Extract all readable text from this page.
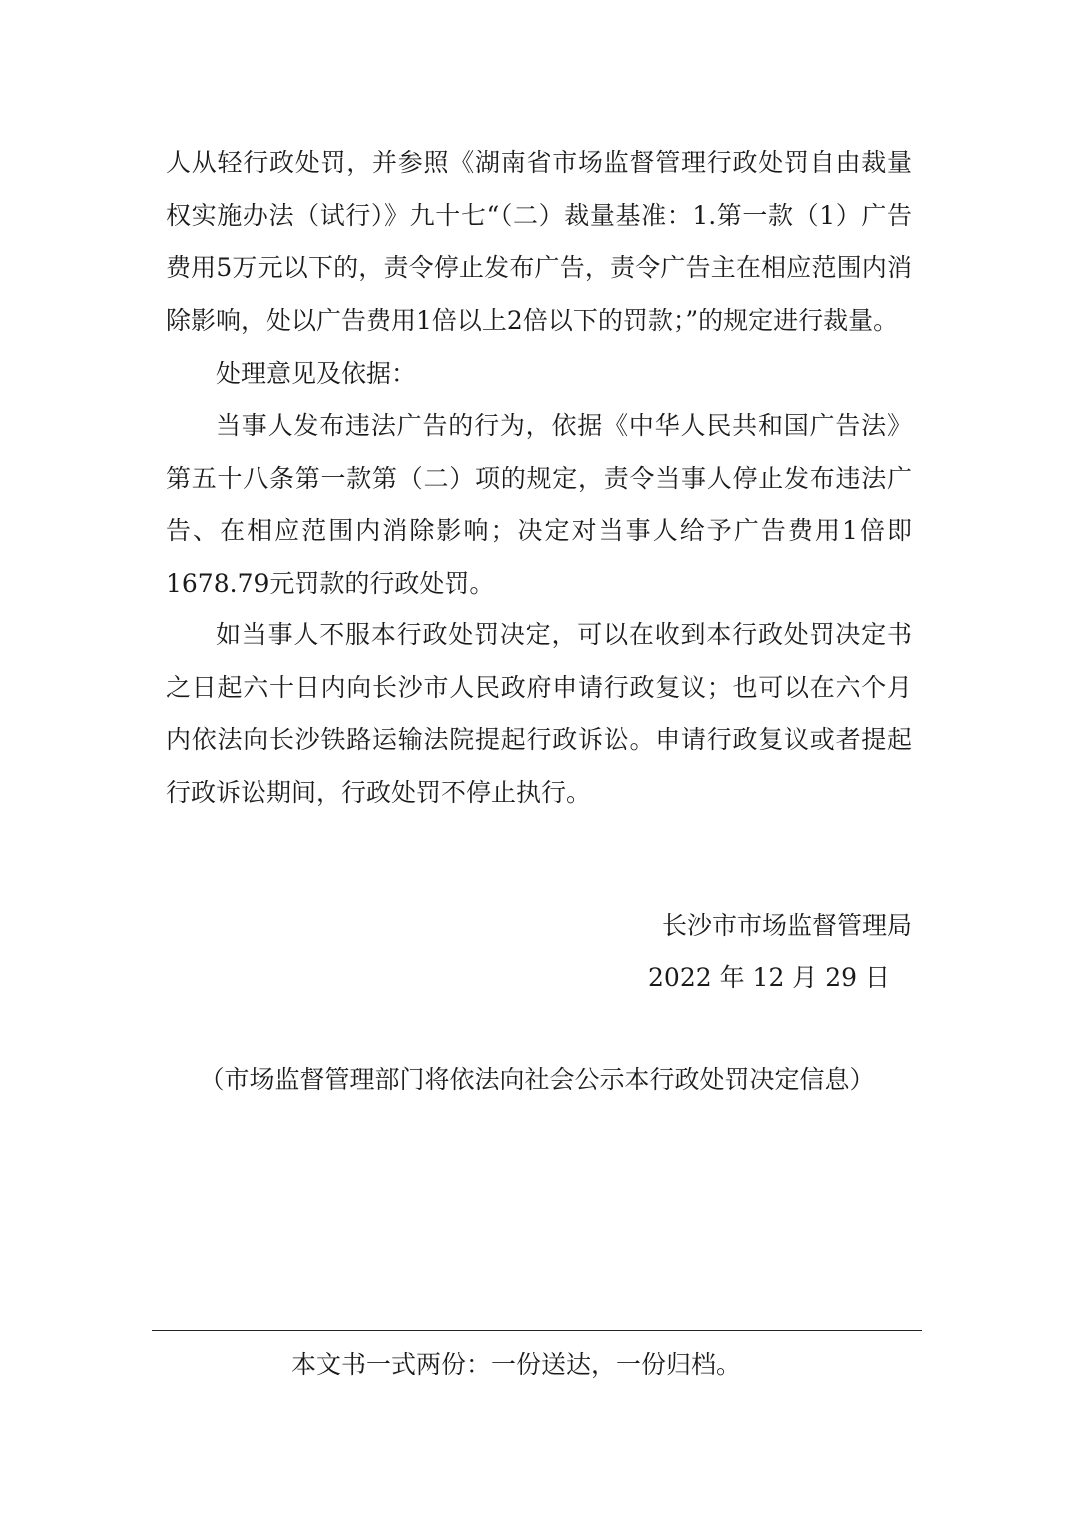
人从轻行政处罚，并参照《湖南省市场监督管理行政处罚自由裁量权实施办法（试行）》九十七“（二）裁量基准：1.第一款（1）广告费用5万元以下的，责令停止发布广告，责令广告主在相应范围内消除影响，处以广告费用1倍以上2倍以下的罚款；”的规定进行裁量。

处理意见及依据：

当事人发布违法广告的行为，依据《中华人民共和国广告法》第五十八条第一款第（二）项的规定，责令当事人停止发布违法广告、在相应范围内消除影响；决定对当事人给予广告费用1倍即1678.79元罚款的行政处罚。

如当事人不服本行政处罚决定，可以在收到本行政处罚决定书之日起六十日内向长沙市人民政府申请行政复议；也可以在六个月内依法向长沙铁路运输法院提起行政诉讼。申请行政复议或者提起行政诉讼期间，行政处罚不停止执行。

长沙市市场监督管理局

2022 年 12 月 29 日

（市场监督管理部门将依法向社会公示本行政处罚决定信息）

本文书一式两份：一份送达，一份归档。
